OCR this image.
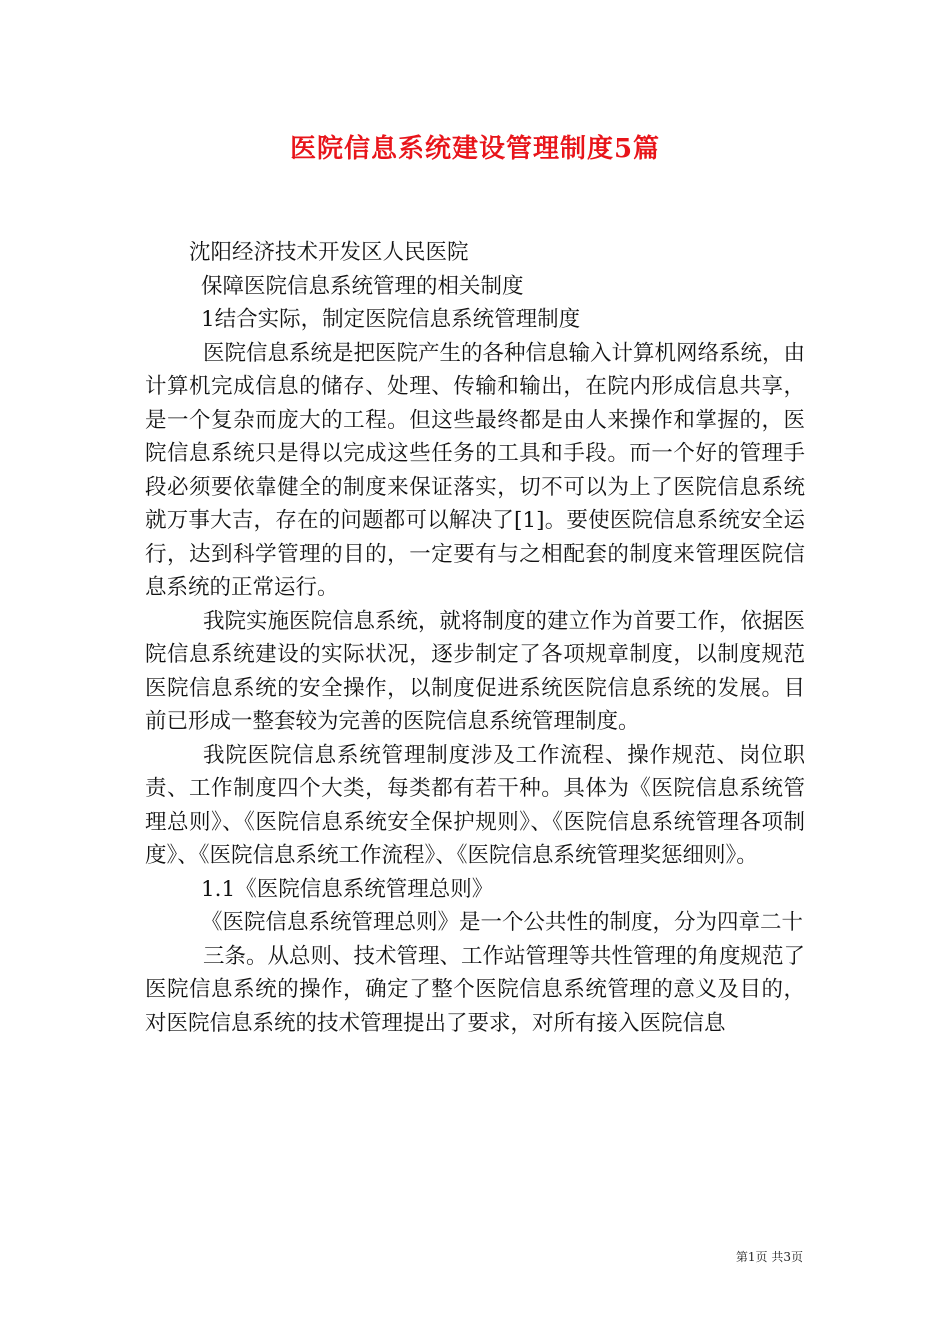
医院信息系统建设管理制度5篇

沈阳经济技术开发区人民医院

保障医院信息系统管理的相关制度

1结合实际，制定医院信息系统管理制度

医院信息系统是把医院产生的各种信息输入计算机网络系统，由计算机完成信息的储存、处理、传输和输出，在院内形成信息共享，是一个复杂而庞大的工程。但这些最终都是由人来操作和掌握的，医院信息系统只是得以完成这些任务的工具和手段。而一个好的管理手段必须要依靠健全的制度来保证落实，切不可以为上了医院信息系统就万事大吉，存在的问题都可以解决了[1]。要使医院信息系统安全运行，达到科学管理的目的，一定要有与之相配套的制度来管理医院信息系统的正常运行。

我院实施医院信息系统，就将制度的建立作为首要工作，依据医院信息系统建设的实际状况，逐步制定了各项规章制度，以制度规范医院信息系统的安全操作，以制度促进系统医院信息系统的发展。目前已形成一整套较为完善的医院信息系统管理制度。

我院医院信息系统管理制度涉及工作流程、操作规范、岗位职责、工作制度四个大类，每类都有若干种。具体为《医院信息系统管理总则》、《医院信息系统安全保护规则》、《医院信息系统管理各项制度》、《医院信息系统工作流程》、《医院信息系统管理奖惩细则》。

1.1《医院信息系统管理总则》

《医院信息系统管理总则》是一个公共性的制度，分为四章二十

三条。从总则、技术管理、工作站管理等共性管理的角度规范了医院信息系统的操作，确定了整个医院信息系统管理的意义及目的，对医院信息系统的技术管理提出了要求，对所有接入医院信息

第1页 共3页
